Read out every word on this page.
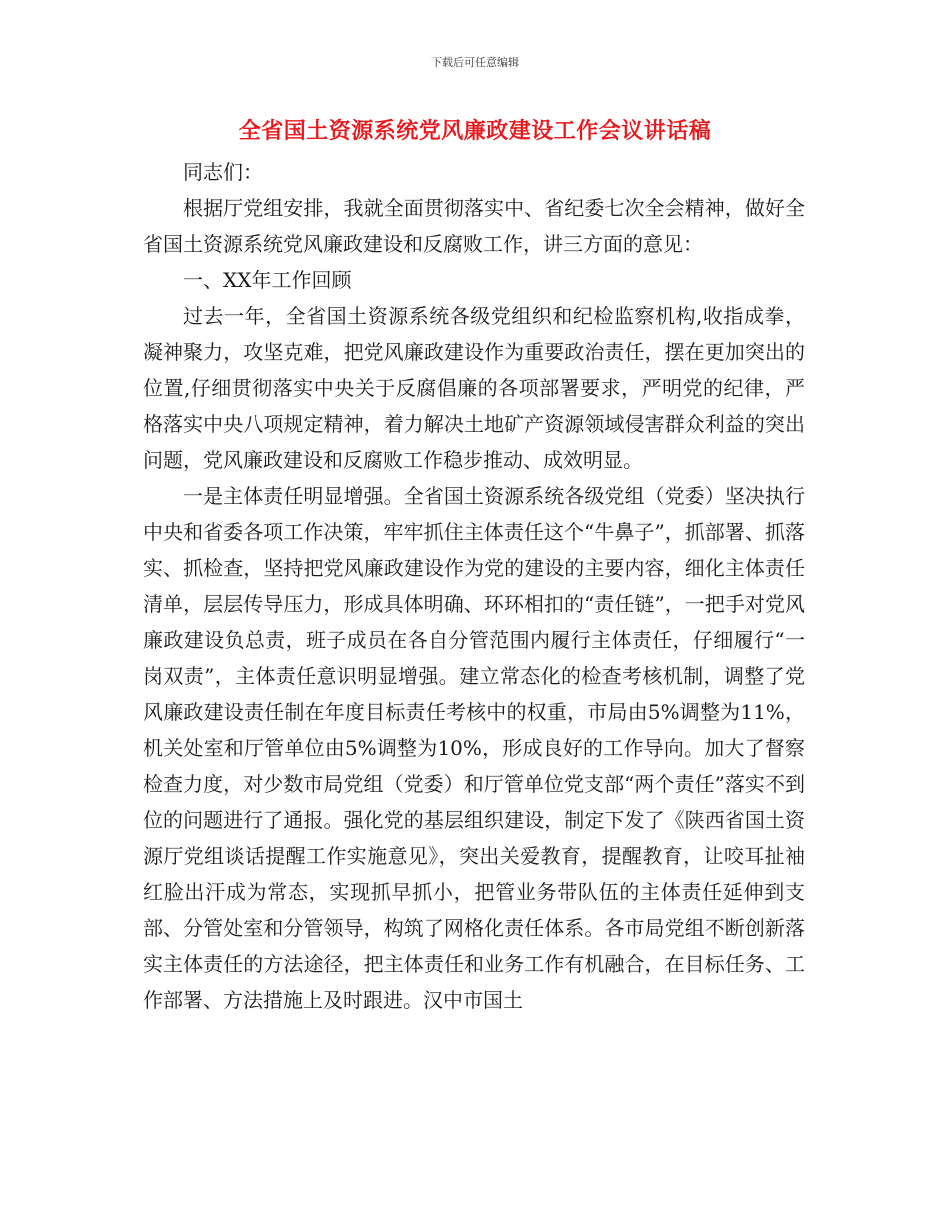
下载后可任意编辑
全省国土资源系统党风廉政建设工作会议讲话稿

同志们：

根据厅党组安排，我就全面贯彻落实中、省纪委七次全会精神，做好全省国土资源系统党风廉政建设和反腐败工作，讲三方面的意见：

一、XX年工作回顾

过去一年，全省国土资源系统各级党组织和纪检监察机构,收指成拳，凝神聚力，攻坚克难，把党风廉政建设作为重要政治责任，摆在更加突出的位置,仔细贯彻落实中央关于反腐倡廉的各项部署要求，严明党的纪律，严格落实中央八项规定精神，着力解决土地矿产资源领域侵害群众利益的突出问题，党风廉政建设和反腐败工作稳步推动、成效明显。

一是主体责任明显增强。全省国土资源系统各级党组（党委）坚决执行中央和省委各项工作决策，牢牢抓住主体责任这个“牛鼻子”，抓部署、抓落实、抓检查，坚持把党风廉政建设作为党的建设的主要内容，细化主体责任清单，层层传导压力，形成具体明确、环环相扣的“责任链”，一把手对党风廉政建设负总责，班子成员在各自分管范围内履行主体责任，仔细履行“一岗双责”，主体责任意识明显增强。建立常态化的检查考核机制，调整了党风廉政建设责任制在年度目标责任考核中的权重，市局由5%调整为11%，机关处室和厅管单位由5%调整为10%，形成良好的工作导向。加大了督察检查力度，对少数市局党组（党委）和厅管单位党支部“两个责任”落实不到位的问题进行了通报。强化党的基层组织建设，制定下发了《陕西省国土资源厅党组谈话提醒工作实施意见》，突出关爱教育，提醒教育，让咬耳扯袖红脸出汗成为常态，实现抓早抓小，把管业务带队伍的主体责任延伸到支部、分管处室和分管领导，构筑了网格化责任体系。各市局党组不断创新落实主体责任的方法途径，把主体责任和业务工作有机融合，在目标任务、工作部署、方法措施上及时跟进。汉中市国土
